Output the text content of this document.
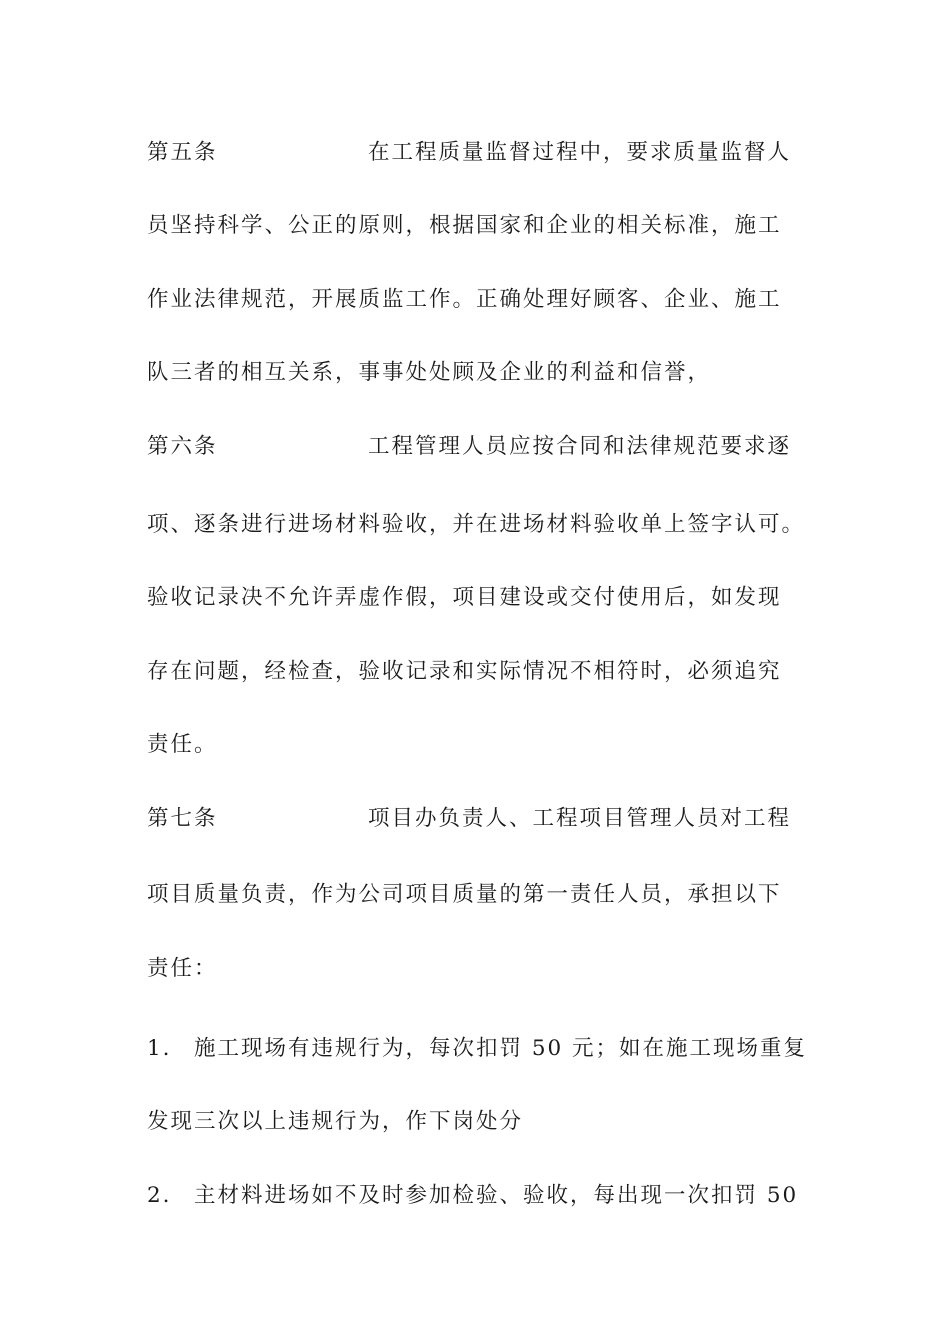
第五条	在工程质量监督过程中，要求质量监督人
员坚持科学、公正的原则，根据国家和企业的相关标准，施工
作业法律规范，开展质监工作。正确处理好顾客、企业、施工
队三者的相互关系，事事处处顾及企业的利益和信誉，
第六条	工程管理人员应按合同和法律规范要求逐
项、逐条进行进场材料验收，并在进场材料验收单上签字认可。
验收记录决不允许弄虚作假，项目建设或交付使用后，如发现
存在问题，经检查，验收记录和实际情况不相符时，必须追究
责任。
第七条	项目办负责人、工程项目管理人员对工程
项目质量负责，作为公司项目质量的第一责任人员，承担以下
责任：
1. 施工现场有违规行为，每次扣罚 50 元；如在施工现场重复
发现三次以上违规行为，作下岗处分
2. 主材料进场如不及时参加检验、验收，每出现一次扣罚 50
